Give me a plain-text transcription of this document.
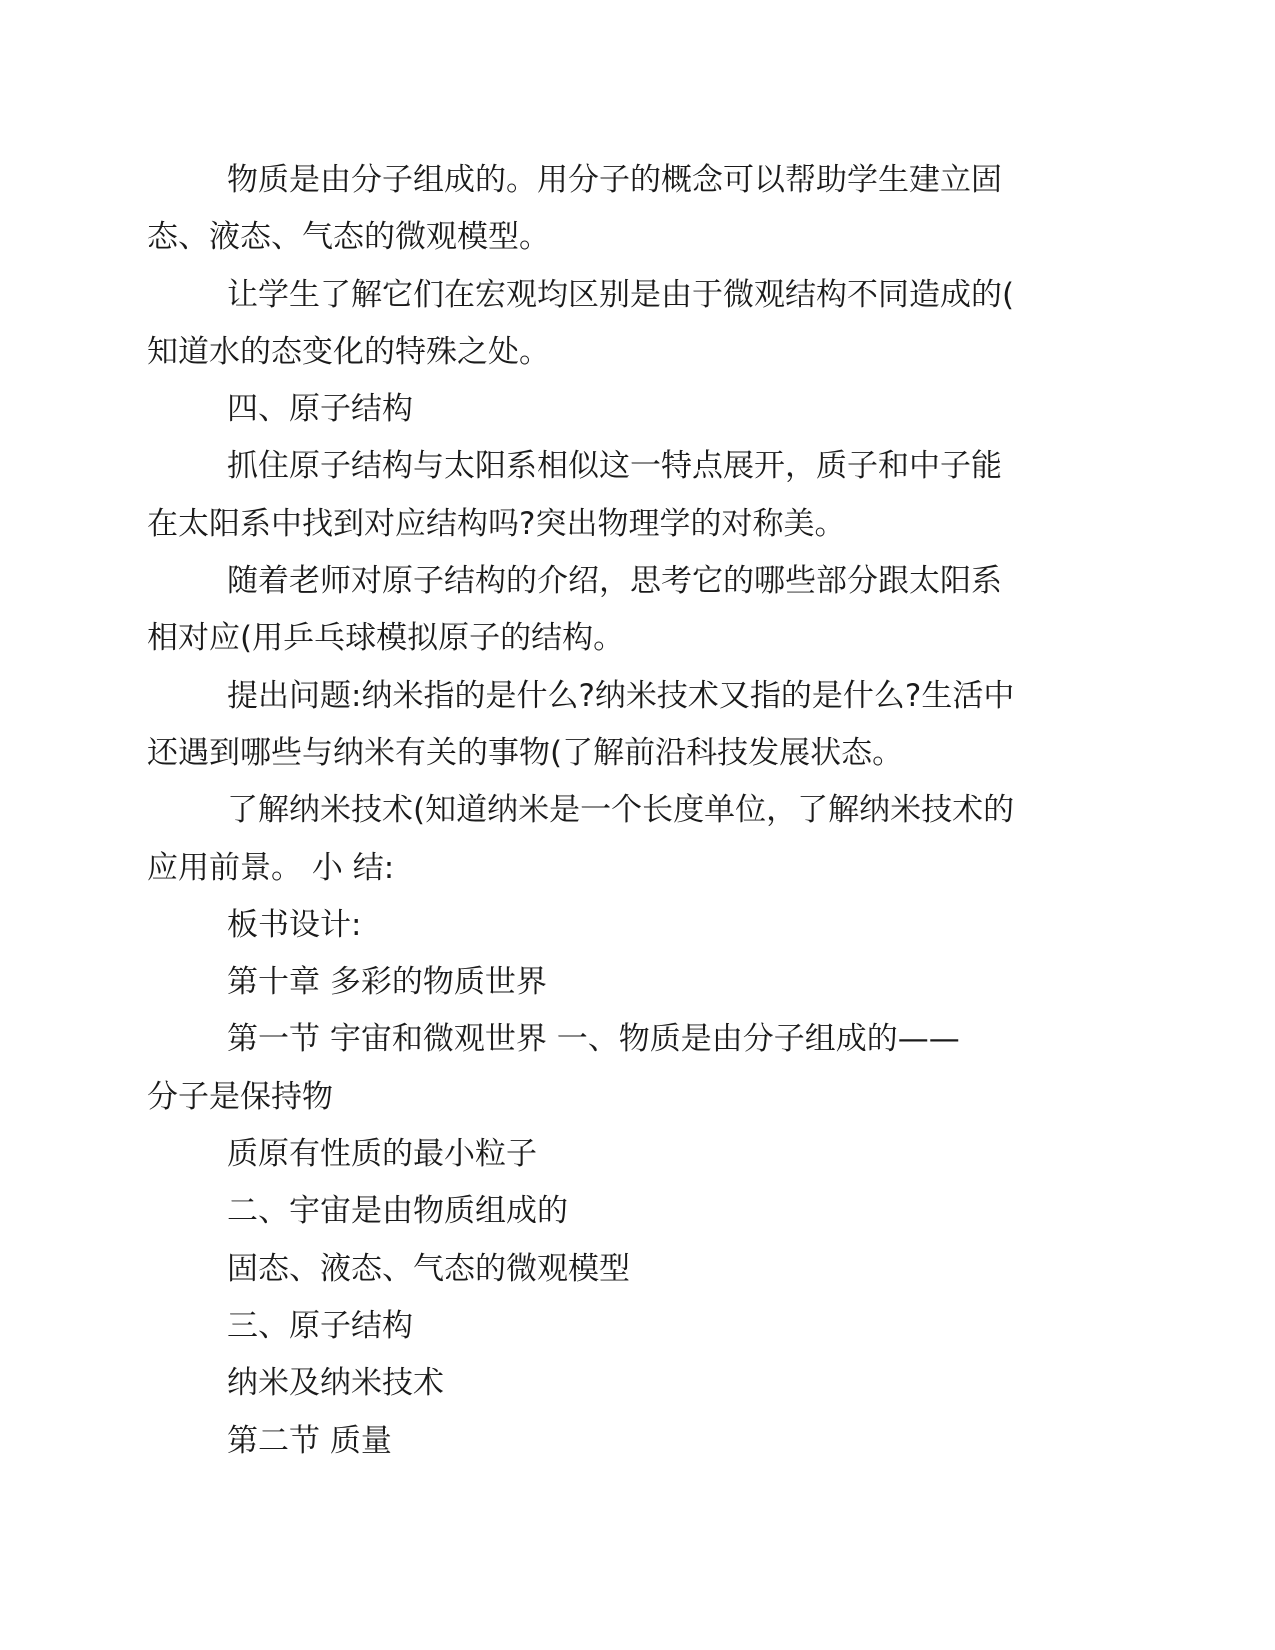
物质是由分子组成的。用分子的概念可以帮助学生建立固
态、液态、气态的微观模型。

让学生了解它们在宏观均区别是由于微观结构不同造成的(
知道水的态变化的特殊之处。

四、原子结构

抓住原子结构与太阳系相似这一特点展开，质子和中子能
在太阳系中找到对应结构吗?突出物理学的对称美。

随着老师对原子结构的介绍，思考它的哪些部分跟太阳系
相对应(用乒乓球模拟原子的结构。

提出问题:纳米指的是什么?纳米技术又指的是什么?生活中
还遇到哪些与纳米有关的事物(了解前沿科技发展状态。

了解纳米技术(知道纳米是一个长度单位，了解纳米技术的
应用前景。 小 结:

板书设计:

第十章 多彩的物质世界

第一节 宇宙和微观世界 一、物质是由分子组成的——
分子是保持物

质原有性质的最小粒子

二、宇宙是由物质组成的

固态、液态、气态的微观模型

三、原子结构

纳米及纳米技术

第二节 质量
